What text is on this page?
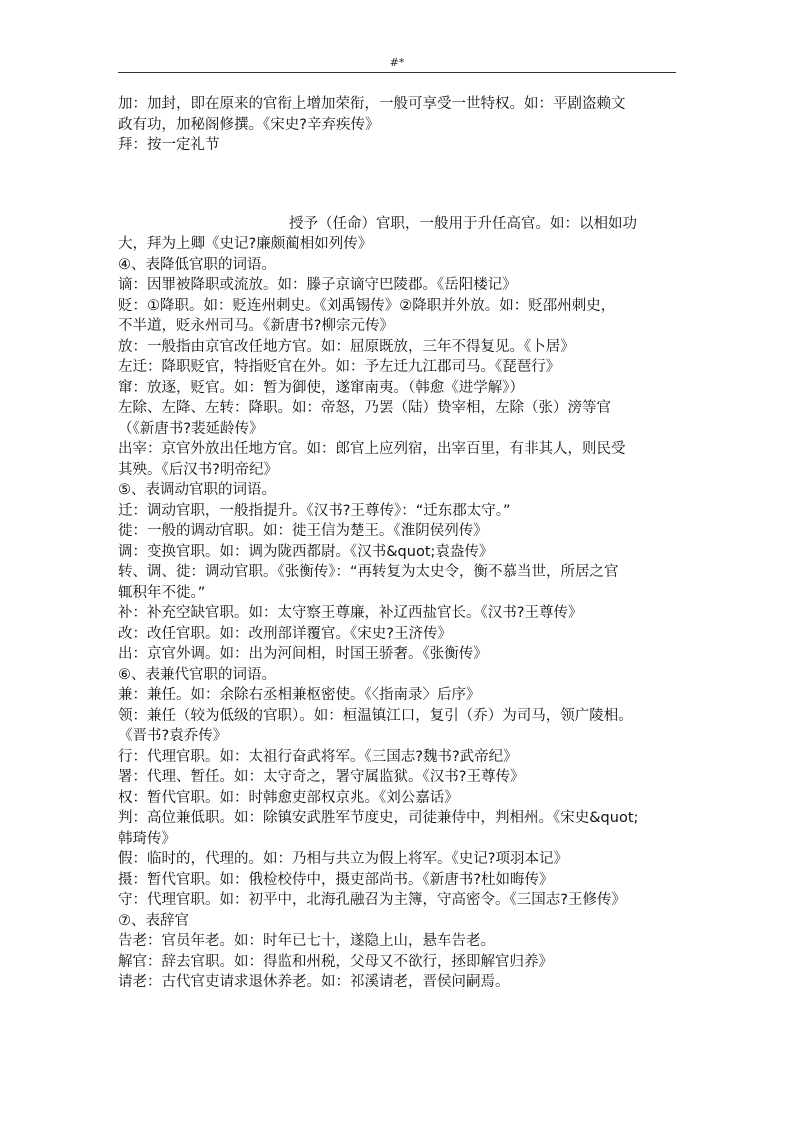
#*
加：加封，即在原来的官衔上增加荣衔，一般可享受一世特权。如：平剧盗赖文
政有功，加秘阁修撰。《宋史?辛弃疾传》
拜：按一定礼节
授予（任命）官职，一般用于升任高官。如：以相如功
大，拜为上卿《史记?廉颇蔺相如列传》
④、表降低官职的词语。
谪：因罪被降职或流放。如：滕子京谪守巴陵郡。《岳阳楼记》
贬：①降职。如：贬连州刺史。《刘禹锡传》②降职并外放。如：贬邵州刺史，
不半道，贬永州司马。《新唐书?柳宗元传》
放：一般指由京官改任地方官。如：屈原既放，三年不得复见。《卜居》
左迁：降职贬官，特指贬官在外。如：予左迁九江郡司马。《琵琶行》
窜：放逐，贬官。如：暂为御使，遂窜南夷。（韩愈《进学解》）
左除、左降、左转：降职。如：帝怒，乃罢（陆）贽宰相，左除（张）滂等官
（《新唐书?裴延龄传》
出宰：京官外放出任地方官。如：郎官上应列宿，出宰百里，有非其人，则民受
其殃。《后汉书?明帝纪》
⑤、表调动官职的词语。
迁：调动官职，一般指提升。《汉书?王尊传》：“迁东郡太守。”
徙：一般的调动官职。如：徙王信为楚王。《淮阴侯列传》
调：变换官职。如：调为陇西都尉。《汉书&quot;袁盎传》
转、调、徙：调动官职。《张衡传》：“再转复为太史令，衡不慕当世，所居之官
辄积年不徙。”
补：补充空缺官职。如：太守察王尊廉，补辽西盐官长。《汉书?王尊传》
改：改任官职。如：改刑部详覆官。《宋史?王济传》
出：京官外调。如：出为河间相，时国王骄奢。《张衡传》
⑥、表兼代官职的词语。
兼：兼任。如：余除右丞相兼枢密使。《〈指南录〉后序》
领：兼任（较为低级的官职）。如：桓温镇江口，复引（乔）为司马，领广陵相。
《晋书?袁乔传》
行：代理官职。如：太祖行奋武将军。《三国志?魏书?武帝纪》
署：代理、暂任。如：太守奇之，署守属监狱。《汉书?王尊传》
权：暂代官职。如：时韩愈吏部权京兆。《刘公嘉话》
判：高位兼低职。如：除镇安武胜军节度史，司徒兼侍中，判相州。《宋史&quot;
韩琦传》
假：临时的，代理的。如：乃相与共立为假上将军。《史记?项羽本记》
摄：暂代官职。如：俄检校侍中，摄吏部尚书。《新唐书?杜如晦传》
守：代理官职。如：初平中，北海孔融召为主簿，守高密令。《三国志?王修传》
⑦、表辞官
告老：官员年老。如：时年已七十，遂隐上山，悬车告老。
解官：辞去官职。如：得监和州税，父母又不欲行，拯即解官归养》
请老：古代官吏请求退休养老。如：祁溪请老，晋侯问嗣焉。
